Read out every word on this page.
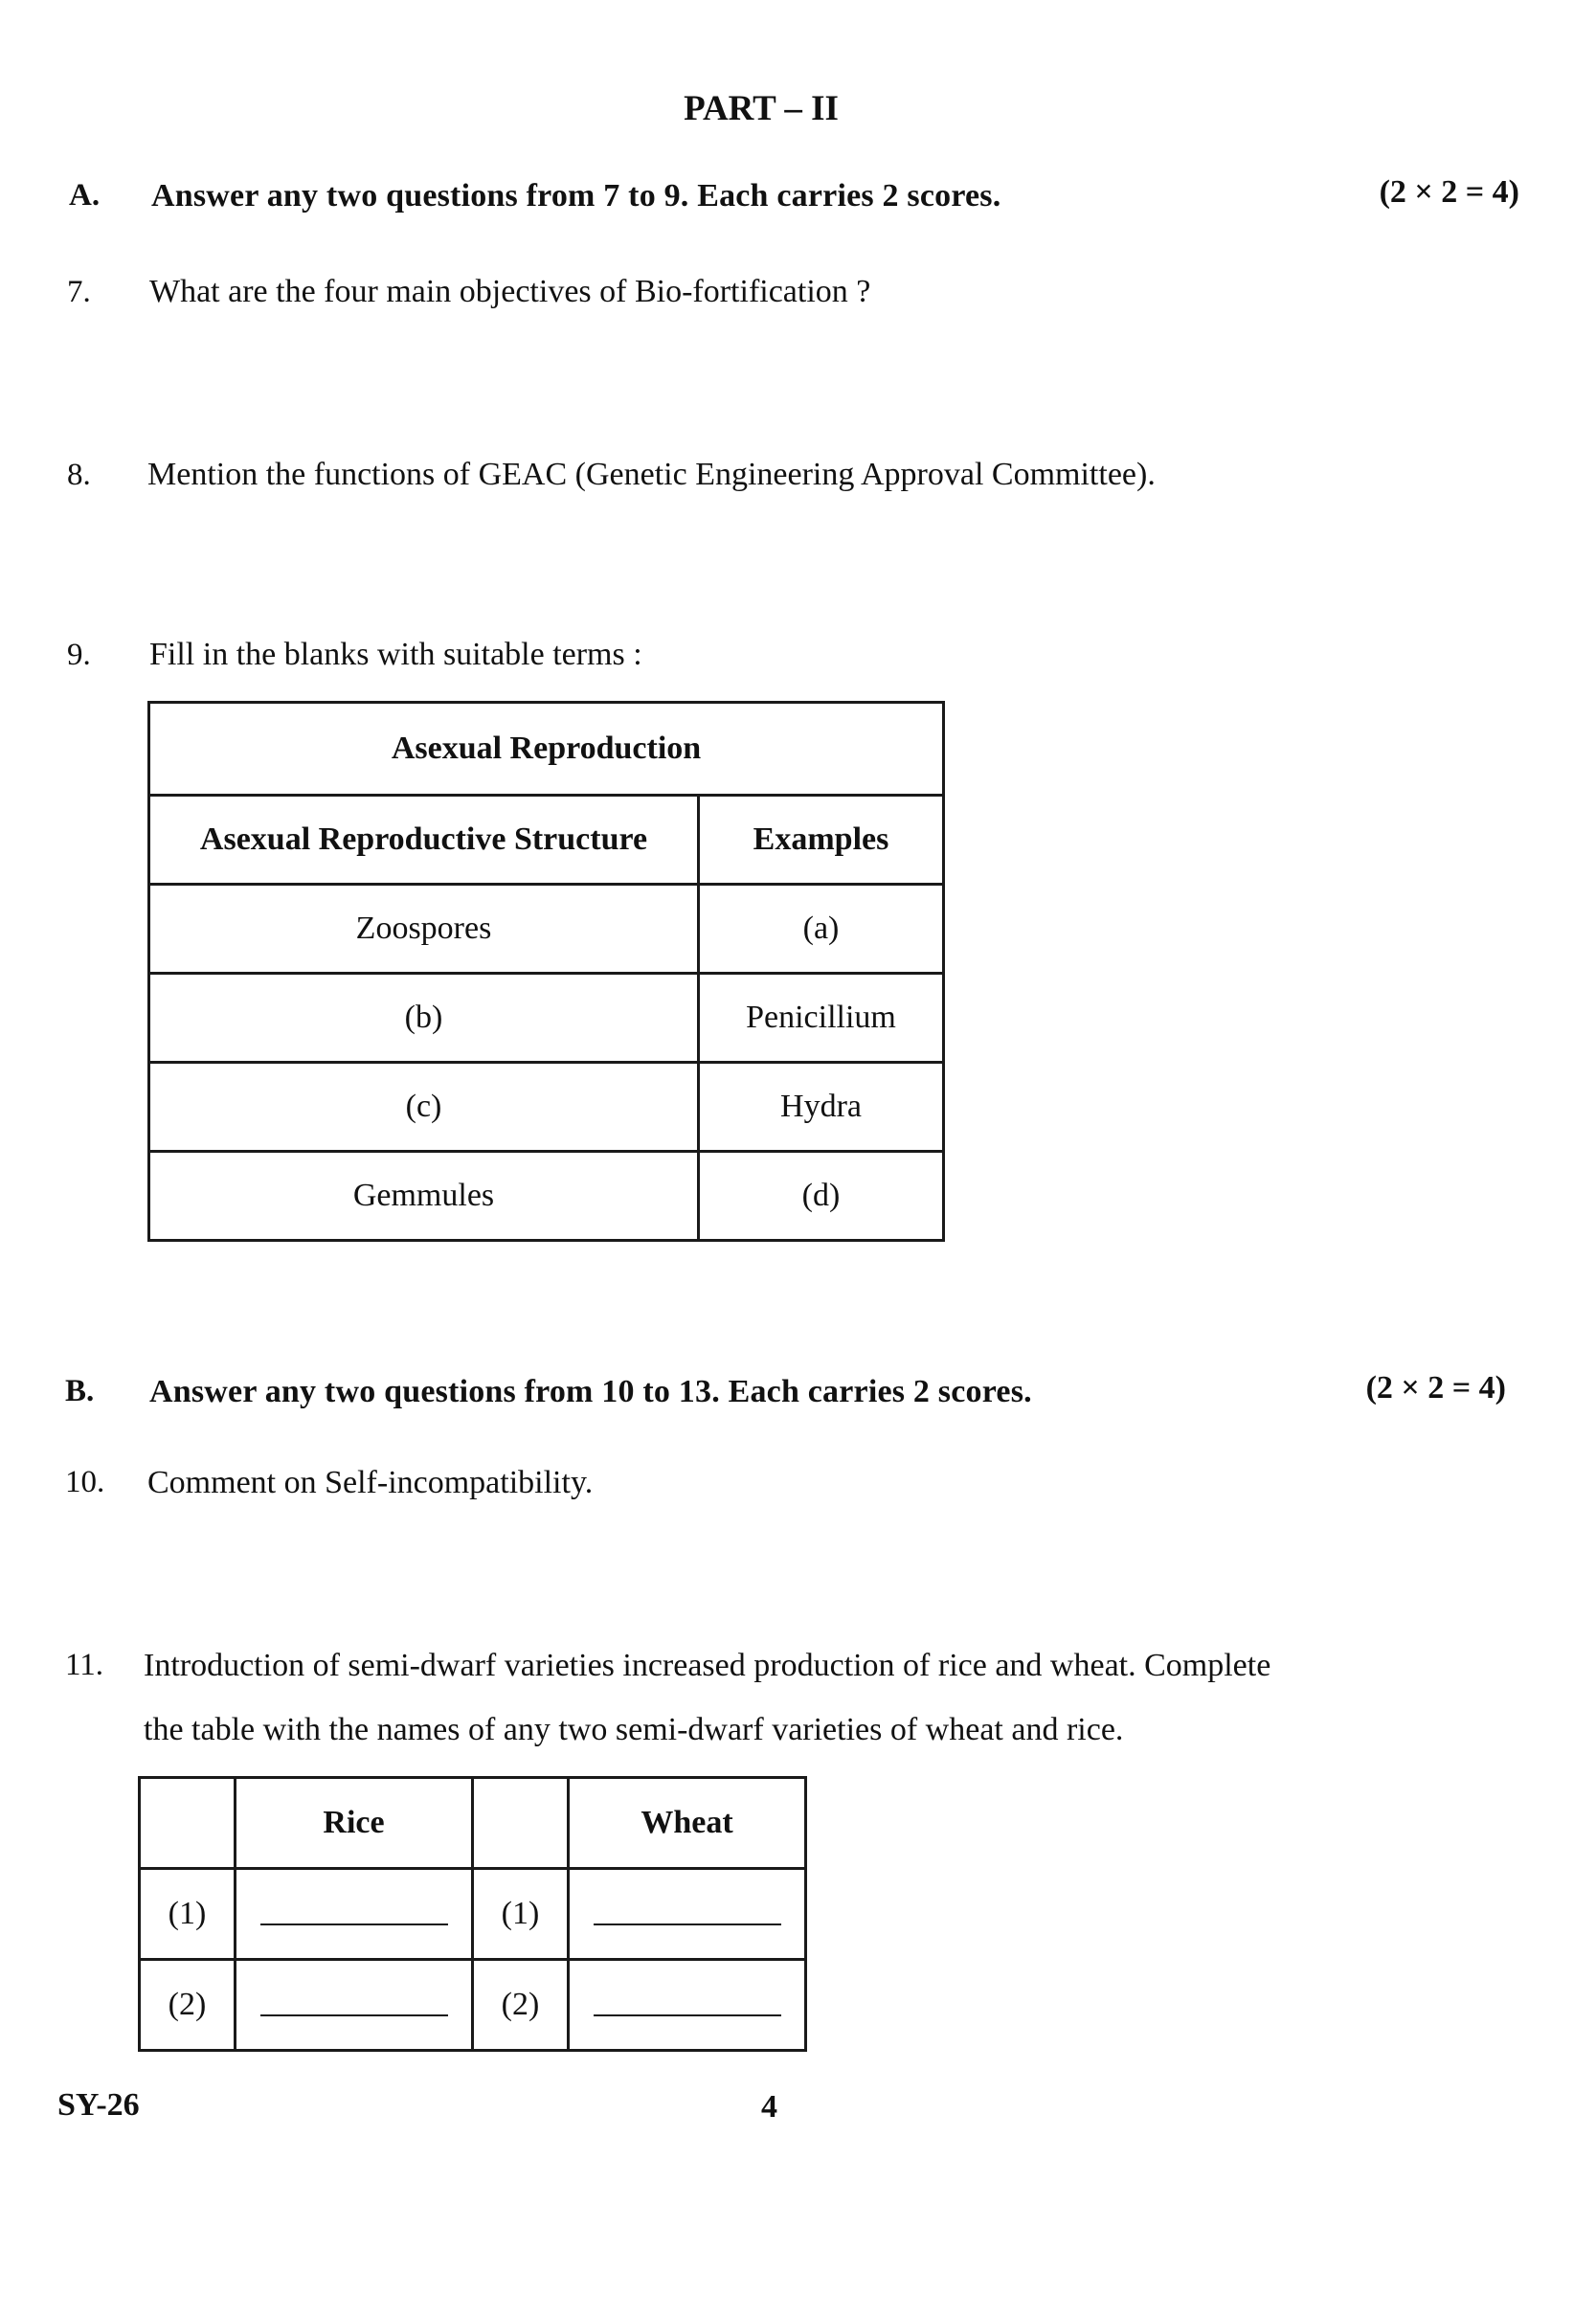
PART – II
A. Answer any two questions from 7 to 9. Each carries 2 scores.	(2 × 2 = 4)
7. What are the four main objectives of Bio-fortification ?
8. Mention the functions of GEAC (Genetic Engineering Approval Committee).
9. Fill in the blanks with suitable terms :
Asexual Reproduction	
Asexual Reproductive Structure	Examples
Zoospores	(a)
(b)	Penicillium
(c)	Hydra
Gemmules	(d)
B. Answer any two questions from 10 to 13. Each carries 2 scores.	(2 × 2 = 4)
10. Comment on Self-incompatibility.
11. Introduction of semi-dwarf varieties increased production of rice and wheat. Complete
the table with the names of any two semi-dwarf varieties of wheat and rice.
	Rice		Wheat
(1)		(1)	
(2)		(2)	
SY-26	4
